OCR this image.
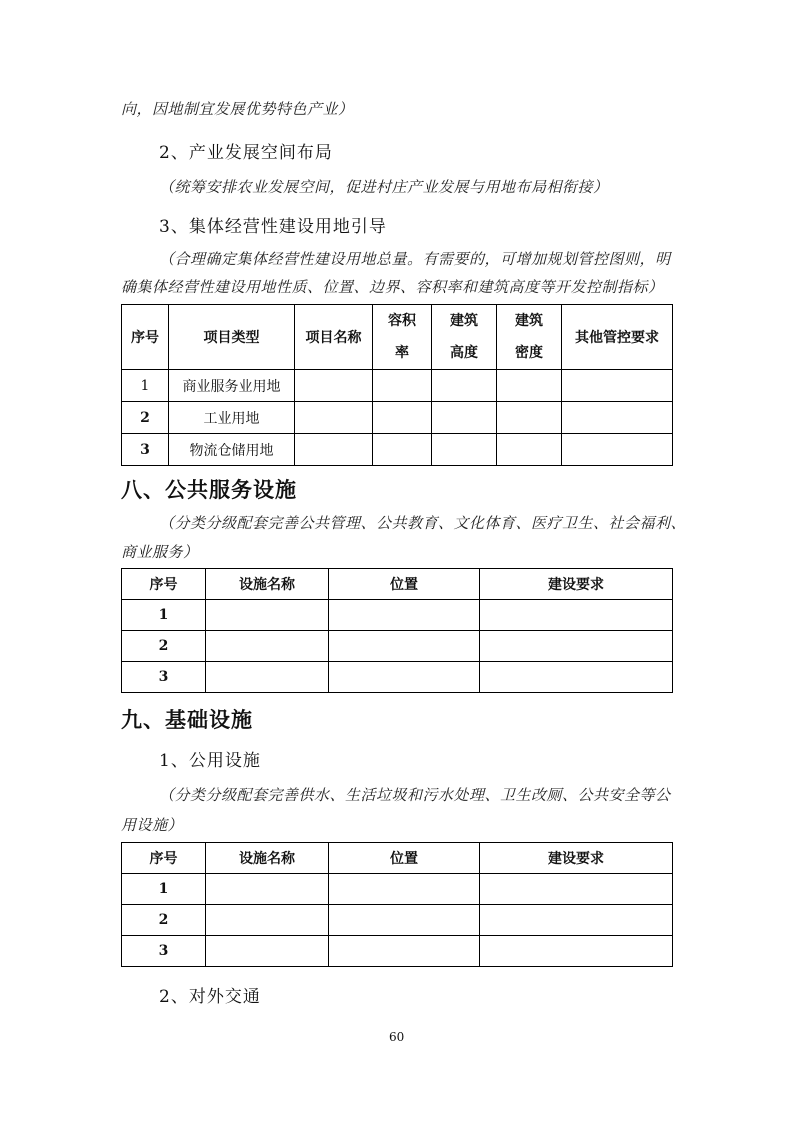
向，因地制宜发展优势特色产业）
2、产业发展空间布局
（统筹安排农业发展空间，促进村庄产业发展与用地布局相衔接）
3、集体经营性建设用地引导
（合理确定集体经营性建设用地总量。有需要的，可增加规划管控图则，明
确集体经营性建设用地性质、位置、边界、容积率和建筑高度等开发控制指标）
序号	项目类型	项目名称	容积率	建筑高度	建筑密度	其他管控要求
1	商业服务业用地					
2	工业用地					
3	物流仓储用地					
八、公共服务设施
（分类分级配套完善公共管理、公共教育、文化体育、医疗卫生、社会福利、
商业服务）
序号	设施名称	位置	建设要求
1			
2			
3			
九、基础设施
1、公用设施
（分类分级配套完善供水、生活垃圾和污水处理、卫生改厕、公共安全等公
用设施）
序号	设施名称	位置	建设要求
1			
2			
3			
2、对外交通
60
